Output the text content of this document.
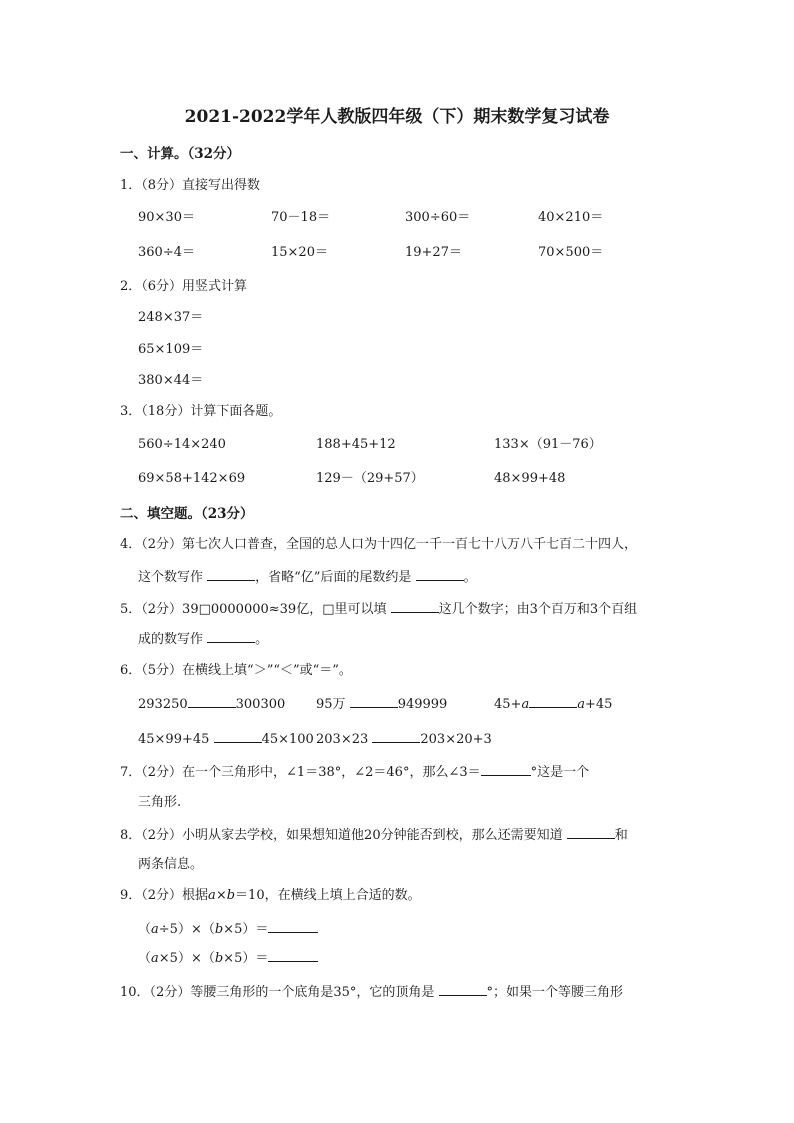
2021-2022学年人教版四年级（下）期末数学复习试卷
一、计算。（32分）
1．（8分）直接写出得数
90×30＝	70－18＝	300÷60＝	40×210＝
360÷4＝	15×20＝	19+27＝	70×500＝
2．（6分）用竖式计算
248×37＝
65×109＝
380×44＝
3．（18分）计算下面各题。
560÷14×240	188+45+12	133×（91－76）
69×58+142×69	129－（29+57）	48×99+48
二、填空题。（23分）
4．（2分）第七次人口普查，全国的总人口为十四亿一千一百七十八万八千七百二十四人，
这个数写作	，省略“亿”后面的尾数约是	。
5．（2分）39□0000000≈39亿，□里可以填	这几个数字；由3个百万和3个百组
成的数写作	。
6．（5分）在横线上填“＞”“＜”或“＝”。
293250	300300 95万	949999	45+a	a+45
45×99+45	45×100 203×23	203×20+3
7．（2分）在一个三角形中，∠1＝38°，∠2＝46°，那么∠3＝	°这是一个
三角形.
8．（2分）小明从家去学校，如果想知道他20分钟能否到校，那么还需要知道	和
两条信息。
9．（2分）根据a×b＝10，在横线上填上合适的数。
（a÷5）×（b×5）＝
（a×5）×（b×5）＝
10．（2分）等腰三角形的一个底角是35°，它的顶角是	°；如果一个等腰三角形
